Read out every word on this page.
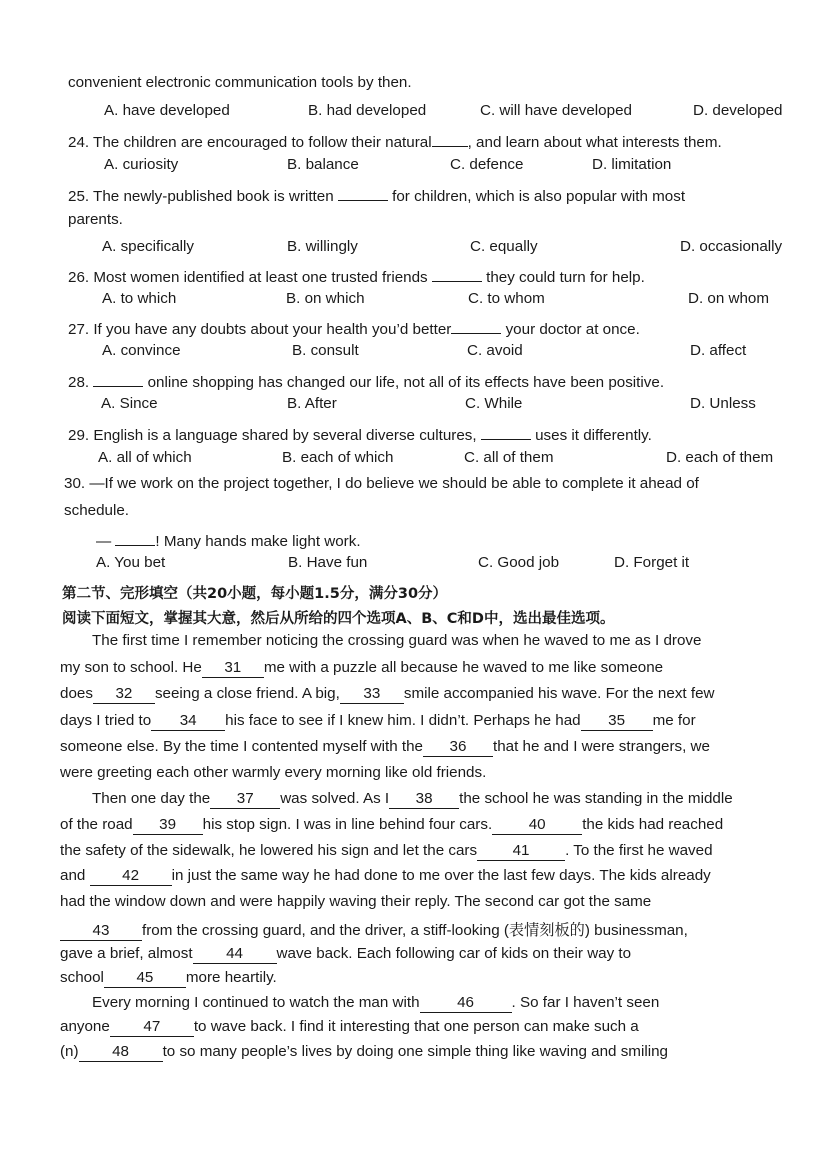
convenient electronic communication tools by then.
A. have developed	B. had developed	C. will have developed	D. developed
24. The children are encouraged to follow their natural , and learn about what interests them.
A. curiosity	B. balance	C. defence	D. limitation
25. The newly-published book is written	for children, which is also popular with most
parents.
A. specifically	B. willingly	C. equally	D. occasionally
26. Most women identified at least one trusted friends	they could turn for help.
A. to which	B. on which	C. to whom	D. on whom
27. If you have any doubts about your health you’d better	your doctor at once.
A. convince	B. consult	C. avoid	D. affect
28.	online shopping has changed our life, not all of its effects have been positive.
A. Since	B. After	C. While	D. Unless
29. English is a language shared by several diverse cultures,	uses it differently.
A. all of which	B. each of which	C. all of them	D. each of them
30. —If we work on the project together, I do believe we should be able to complete it ahead of
schedule.
—	! Many hands make light work.
A. You bet	B. Have fun	C. Good job	D. Forget it
第二节、完形填空（共20小题，每小题1.5分，满分30分）
阅读下面短文，掌握其大意，然后从所给的四个选项A、B、C和D中，选出最佳选项。
The first time I remember noticing the crossing guard was when he waved to me as I drove
my son to school. He 31 me with a puzzle all because he waved to me like someone
does 32 seeing a close friend. A big, 33 smile accompanied his wave. For the next few
days I tried to 34 his face to see if I knew him. I didn’t. Perhaps he had 35 me for
someone else. By the time I contented myself with the 36 that he and I were strangers, we
were greeting each other warmly every morning like old friends.
Then one day the 37 was solved. As I 38 the school he was standing in the middle
of the road 39 his stop sign. I was in line behind four cars. 40 the kids had reached
the safety of the sidewalk, he lowered his sign and let the cars 41 . To the first he waved
and 42 in just the same way he had done to me over the last few days. The kids already
had the window down and were happily waving their reply. The second car got the same
43 from the crossing guard, and the driver, a stiff-looking (表情刻板的) businessman,
gave a brief, almost 44 wave back. Each following car of kids on their way to
school 45 more heartily.
Every morning I continued to watch the man with 46 . So far I haven’t seen
anyone 47 to wave back. I find it interesting that one person can make such a
(n) 48 to so many people’s lives by doing one simple thing like waving and smiling
